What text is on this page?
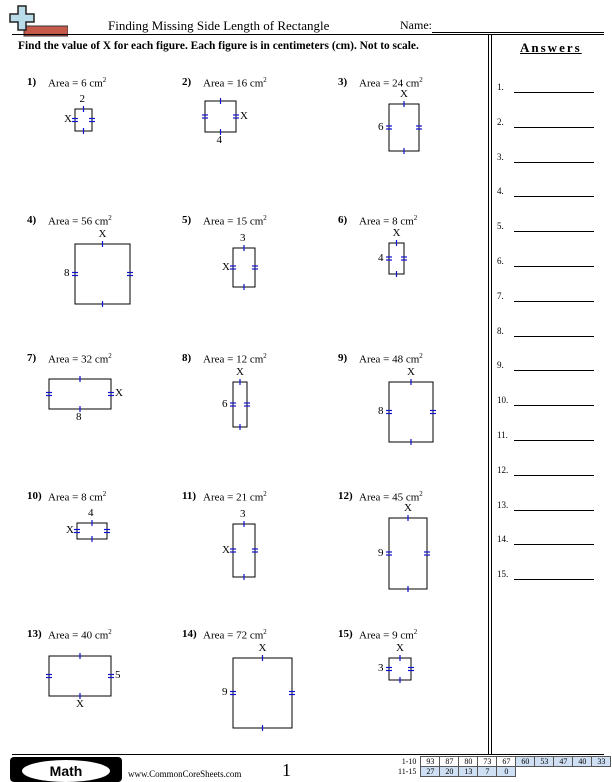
Finding Missing Side Length of Rectangle	Name:
Find the value of X for each figure. Each figure is in centimeters (cm). Not to scale.	Answers
1) Area = 6 $cm^2$
2
X
2) Area = 16 $cm^2$
4
X
3) Area = 24 $cm^2$
X
6
4) Area = 56 $cm^2$
X
8
5) Area = 15 $cm^2$
3
X
6) Area = 8 $cm^2$
X
4
7) Area = 32 $cm^2$
8
X
8) Area = 12 $cm^2$
X
6
9) Area = 48 $cm^2$
X
8
10) Area = 8 $cm^2$
4
X
11) Area = 21 $cm^2$
3
X
12) Area = 45 $cm^2$
X
9
13) Area = 40 $cm^2$
X
5
14) Area = 72 $cm^2$
X
9
15) Area = 9 $cm^2$
X
3
1.
2.
3.
4.
5.
6.
7.
8.
9.
10.
11.
12.
13.
14.
15.
Math	www.CommonCoreSheets.com 1	1-10	93	87	80	73	67	60	53	47	40	33
11-15	27	20	13	7	0					
